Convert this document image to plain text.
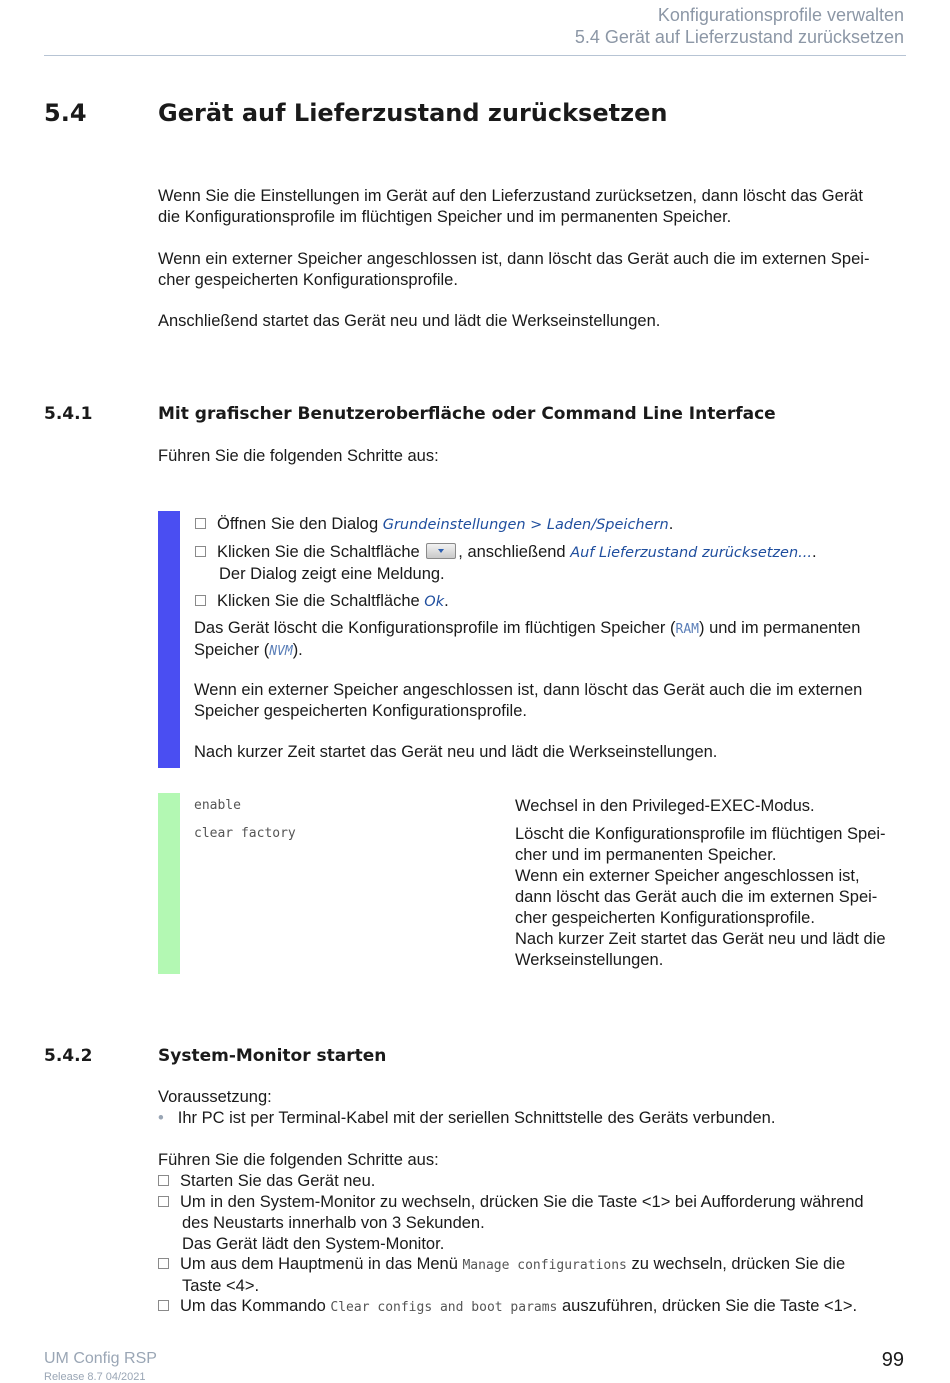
Konfigurationsprofile verwalten
5.4 Gerät auf Lieferzustand zurücksetzen
5.4	Gerät auf Lieferzustand zurücksetzen
Wenn Sie die Einstellungen im Gerät auf den Lieferzustand zurücksetzen, dann löscht das Gerät
die Konfigurationsprofile im flüchtigen Speicher und im permanenten Speicher.
Wenn ein externer Speicher angeschlossen ist, dann löscht das Gerät auch die im externen Spei-
cher gespeicherten Konfigurationsprofile.
Anschließend startet das Gerät neu und lädt die Werkseinstellungen.
5.4.1	Mit grafischer Benutzeroberfläche oder Command Line Interface
Führen Sie die folgenden Schritte aus:
Öffnen Sie den Dialog Grundeinstellungen > Laden/Speichern.
Klicken Sie die Schaltfläche , anschließend Auf Lieferzustand zurücksetzen....
Der Dialog zeigt eine Meldung.
Klicken Sie die Schaltfläche Ok.
Das Gerät löscht die Konfigurationsprofile im flüchtigen Speicher (RAM) und im permanenten
Speicher (NVM).
Wenn ein externer Speicher angeschlossen ist, dann löscht das Gerät auch die im externen
Speicher gespeicherten Konfigurationsprofile.
Nach kurzer Zeit startet das Gerät neu und lädt die Werkseinstellungen.
enable	Wechsel in den Privileged-EXEC-Modus.
clear factory	Löscht die Konfigurationsprofile im flüchtigen Spei-
cher und im permanenten Speicher.
Wenn ein externer Speicher angeschlossen ist,
dann löscht das Gerät auch die im externen Spei-
cher gespeicherten Konfigurationsprofile.
Nach kurzer Zeit startet das Gerät neu und lädt die
Werkseinstellungen.
5.4.2	System-Monitor starten
Voraussetzung:
• Ihr PC ist per Terminal-Kabel mit der seriellen Schnittstelle des Geräts verbunden.
Führen Sie die folgenden Schritte aus:
Starten Sie das Gerät neu.
Um in den System-Monitor zu wechseln, drücken Sie die Taste <1> bei Aufforderung während
des Neustarts innerhalb von 3 Sekunden.
Das Gerät lädt den System-Monitor.
Um aus dem Hauptmenü in das Menü Manage configurations zu wechseln, drücken Sie die
Taste <4>.
Um das Kommando Clear configs and boot params auszuführen, drücken Sie die Taste <1>.
UM Config RSP
Release 8.7 04/2021
99
